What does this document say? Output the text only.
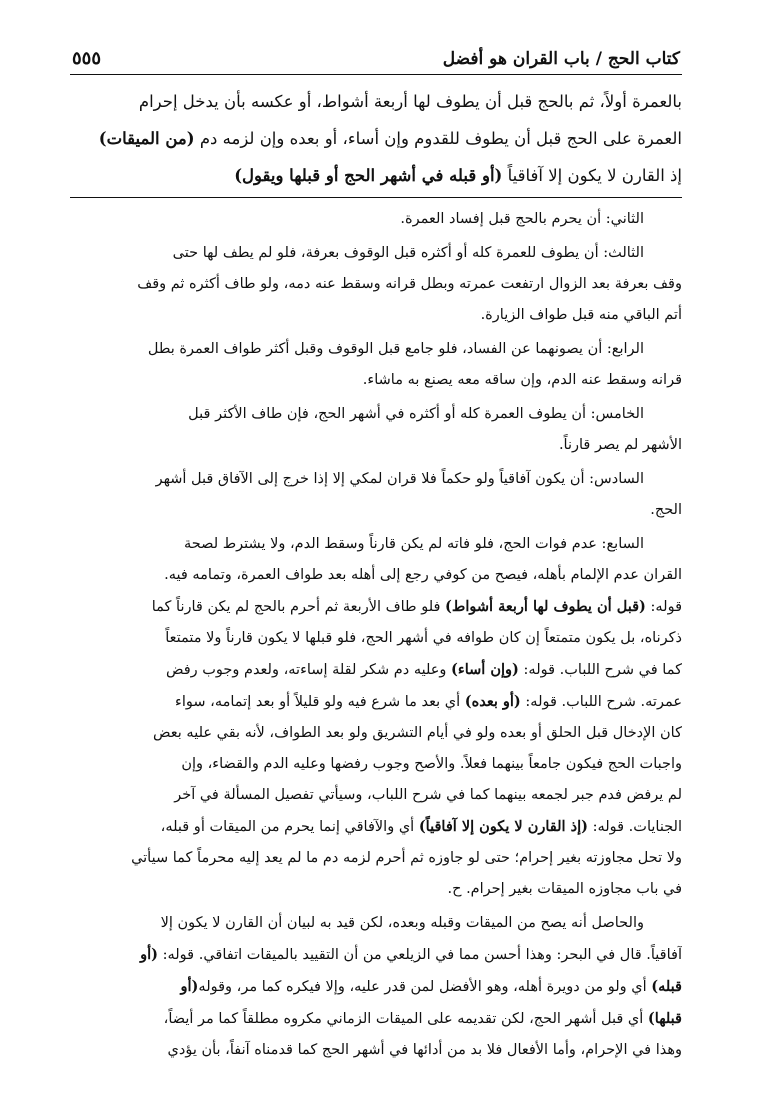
كتاب الحج / باب القران هو أفضل
٥٥٥
بالعمرة أولاً، ثم بالحج قبل أن يطوف لها أربعة أشواط، أو عكسه بأن يدخل إحرام
العمرة على الحج قبل أن يطوف للقدوم وإن أساء، أو بعده وإن لزمه دم (من الميقات)
إذ القارن لا يكون إلا آفاقياً (أو قبله في أشهر الحج أو قبلها ويقول)
الثاني: أن يحرم بالحج قبل إفساد العمرة.
الثالث: أن يطوف للعمرة كله أو أكثره قبل الوقوف بعرفة، فلو لم يطف لها حتى
وقف بعرفة بعد الزوال ارتفعت عمرته وبطل قرانه وسقط عنه دمه، ولو طاف أكثره ثم وقف
أتم الباقي منه قبل طواف الزيارة.
الرابع: أن يصونهما عن الفساد، فلو جامع قبل الوقوف وقبل أكثر طواف العمرة بطل
قرانه وسقط عنه الدم، وإن ساقه معه يصنع به ماشاء.
الخامس: أن يطوف العمرة كله أو أكثره في أشهر الحج، فإن طاف الأكثر قبل
الأشهر لم يصر قارناً.
السادس: أن يكون آفاقياً ولو حكماً فلا قران لمكي إلا إذا خرج إلى الآفاق قبل أشهر
الحج.
السابع: عدم فوات الحج، فلو فاته لم يكن قارناً وسقط الدم، ولا يشترط لصحة
القران عدم الإلمام بأهله، فيصح من كوفي رجع إلى أهله بعد طواف العمرة، وتمامه فيه.
قوله: (قبل أن يطوف لها أربعة أشواط) فلو طاف الأربعة ثم أحرم بالحج لم يكن قارناً كما
ذكرناه، بل يكون متمتعاً إن كان طوافه في أشهر الحج، فلو قبلها لا يكون قارناً ولا متمتعاً
كما في شرح اللباب. قوله: (وإن أساء) وعليه دم شكر لقلة إساءته، ولعدم وجوب رفض
عمرته. شرح اللباب. قوله: (أو بعده) أي بعد ما شرع فيه ولو قليلاً أو بعد إتمامه، سواء
كان الإدخال قبل الحلق أو بعده ولو في أيام التشريق ولو بعد الطواف، لأنه بقي عليه بعض
واجبات الحج فيكون جامعاً بينهما فعلاً. والأصح وجوب رفضها وعليه الدم والقضاء، وإن
لم يرفض فدم جبر لجمعه بينهما كما في شرح اللباب، وسيأتي تفصيل المسألة في آخر
الجنايات. قوله: (إذ القارن لا يكون إلا آفاقياً) أي والآفاقي إنما يحرم من الميقات أو قبله،
ولا تحل مجاوزته بغير إحرام؛ حتى لو جاوزه ثم أحرم لزمه دم ما لم يعد إليه محرماً كما سيأتي
في باب مجاوزه الميقات بغير إحرام. ح.
والحاصل أنه يصح من الميقات وقبله وبعده، لكن قيد به لبيان أن القارن لا يكون إلا
آفاقياً. قال في البحر: وهذا أحسن مما في الزيلعي من أن التقييد بالميقات اتفاقي. قوله: (أو
قبله) أي ولو من دويرة أهله، وهو الأفضل لمن قدر عليه، وإلا فيكره كما مر، وقوله(أو
قبلها) أي قبل أشهر الحج، لكن تقديمه على الميقات الزماني مكروه مطلقاً كما مر أيضاً،
وهذا في الإحرام، وأما الأفعال فلا بد من أدائها في أشهر الحج كما قدمناه آنفاً، بأن يؤدي
